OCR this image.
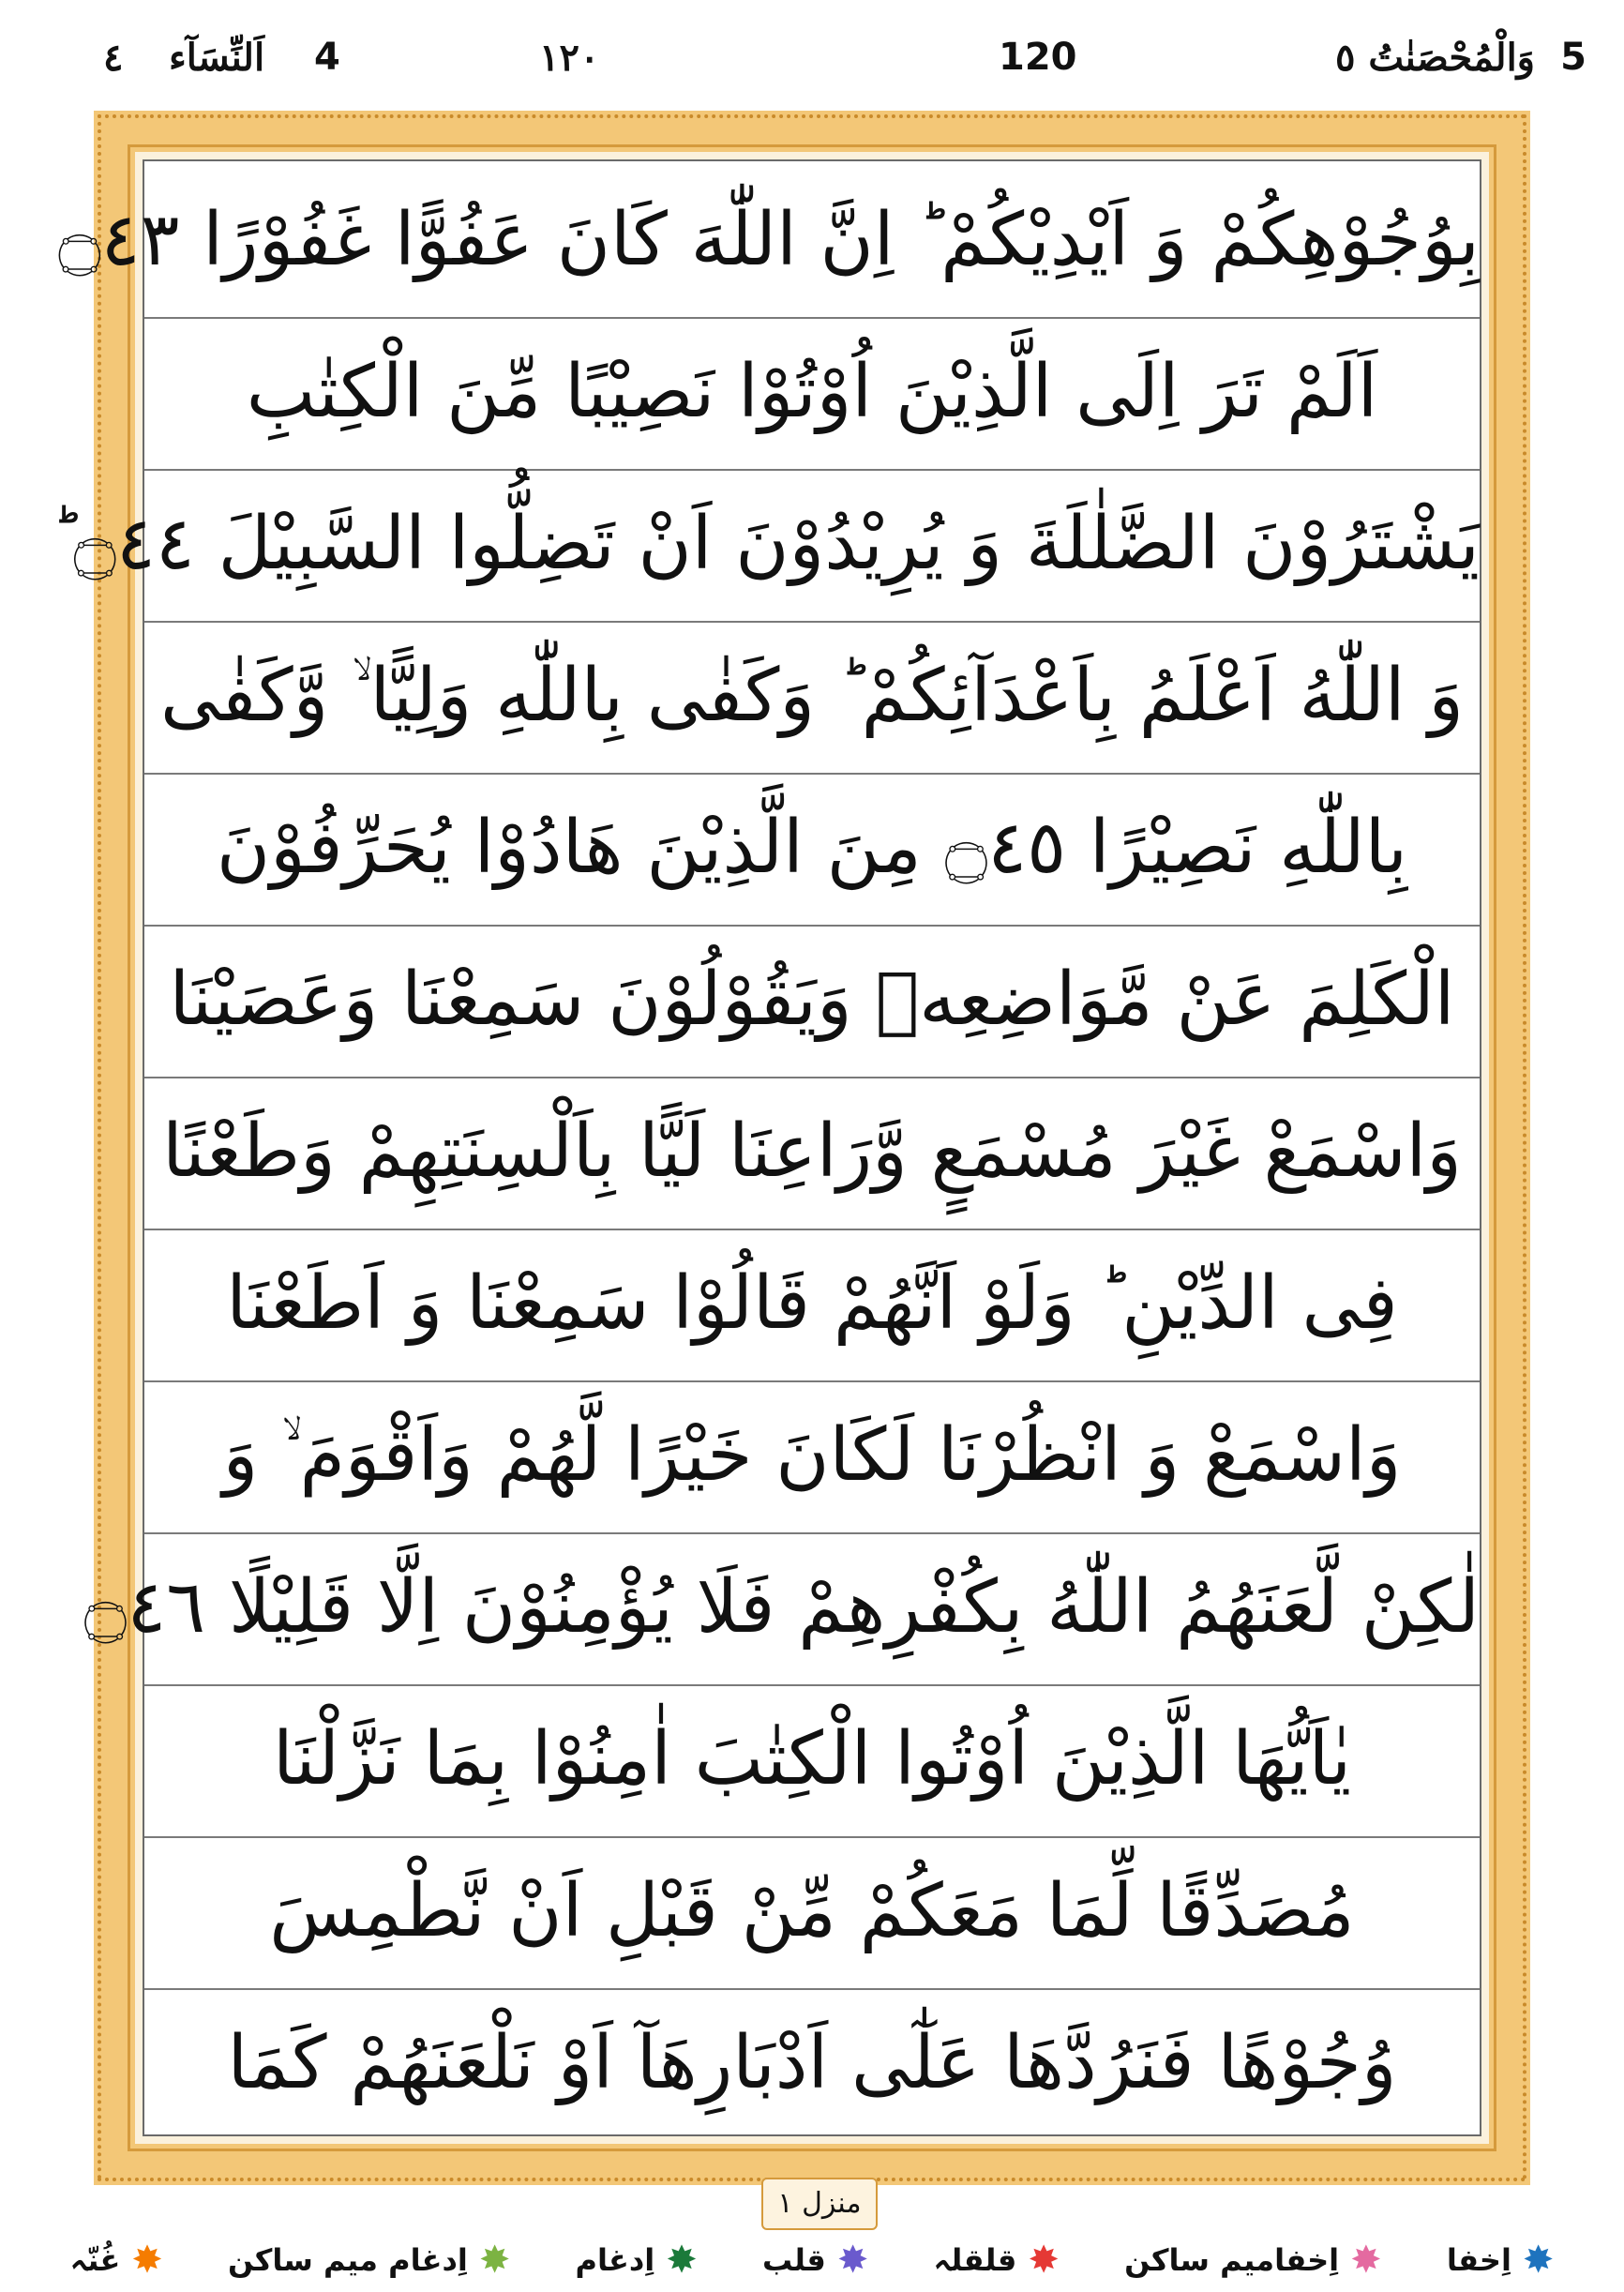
5
وَالْمُحْصَنٰتُ ٥
120
١٢٠
4
اَلنِّسَآء
٤
بِوُجُوْهِكُمْ وَ اَيْدِيْكُمْ ؕ اِنَّ اللّٰهَ كَانَ عَفُوًّا غَفُوْرًا ۝٤٣
اَلَمْ تَرَ اِلَى الَّذِيْنَ اُوْتُوْا نَصِيْبًا مِّنَ الْكِتٰبِ
يَشْتَرُوْنَ الضَّلٰلَةَ وَ يُرِيْدُوْنَ اَنْ تَضِلُّوا السَّبِيْلَ ۝٤٤ ؕ
وَ اللّٰهُ اَعْلَمُ بِاَعْدَآئِكُمْ ؕ وَكَفٰى بِاللّٰهِ وَلِيًّا ۙ وَّكَفٰى
بِاللّٰهِ نَصِيْرًا ۝٤٥ مِنَ الَّذِيْنَ هَادُوْا يُحَرِّفُوْنَ
الْكَلِمَ عَنْ مَّوَاضِعِهٖ وَيَقُوْلُوْنَ سَمِعْنَا وَعَصَيْنَا
وَاسْمَعْ غَيْرَ مُسْمَعٍ وَّرَاعِنَا لَيًّا بِاَلْسِنَتِهِمْ وَطَعْنًا
فِى الدِّيْنِ ؕ وَلَوْ اَنَّهُمْ قَالُوْا سَمِعْنَا وَ اَطَعْنَا
وَاسْمَعْ وَ انْظُرْنَا لَكَانَ خَيْرًا لَّهُمْ وَاَقْوَمَ ۙ وَ
لٰكِنْ لَّعَنَهُمُ اللّٰهُ بِكُفْرِهِمْ فَلَا يُؤْمِنُوْنَ اِلَّا قَلِيْلًا ۝٤٦
يٰاَيُّهَا الَّذِيْنَ اُوْتُوا الْكِتٰبَ اٰمِنُوْا بِمَا نَزَّلْنَا
مُصَدِّقًا لِّمَا مَعَكُمْ مِّنْ قَبْلِ اَنْ نَّطْمِسَ
وُجُوْهًا فَنَرُدَّهَا عَلٰٓى اَدْبَارِهَآ اَوْ نَلْعَنَهُمْ كَمَا
منزل ١
✸
اِخفا
✸
اِخفامیم ساکن
✸
قلقلہ
✸
قلب
✸
اِدغام
✸
اِدغام میم ساکن
✸
غُنّہ
